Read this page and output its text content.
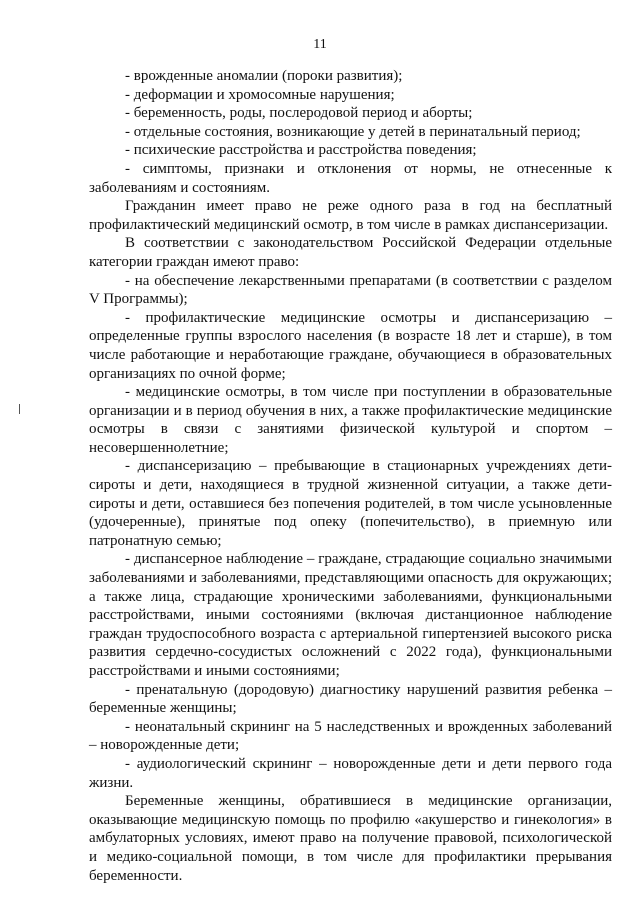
11

- врожденные аномалии (пороки развития);

- деформации и хромосомные нарушения;

- беременность, роды, послеродовой период и аборты;

- отдельные состояния, возникающие у детей в перинатальный период;

- психические расстройства и расстройства поведения;

- симптомы, признаки и отклонения от нормы, не отнесенные к заболеваниям и состояниям.

Гражданин имеет право не реже одного раза в год на бесплатный профилактический медицинский осмотр, в том числе в рамках диспансеризации.

В соответствии с законодательством Российской Федерации отдельные категории граждан имеют право:

- на обеспечение лекарственными препаратами (в соответствии с разделом V Программы);

- профилактические медицинские осмотры и диспансеризацию – определенные группы взрослого населения (в возрасте 18 лет и старше), в том числе работающие и неработающие граждане, обучающиеся в образовательных организациях по очной форме;

- медицинские осмотры, в том числе при поступлении в образовательные организации и в период обучения в них, а также профилактические медицинские осмотры в связи с занятиями физической культурой и спортом – несовершеннолетние;

- диспансеризацию – пребывающие в стационарных учреждениях дети-сироты и дети, находящиеся в трудной жизненной ситуации, а также дети-сироты и дети, оставшиеся без попечения родителей, в том числе усыновленные (удочеренные), принятые под опеку (попечительство), в приемную или патронатную семью;

- диспансерное наблюдение – граждане, страдающие социально значимыми заболеваниями и заболеваниями, представляющими опасность для окружающих; а также лица, страдающие хроническими заболеваниями, функциональными расстройствами, иными состояниями (включая дистанционное наблюдение граждан трудоспособного возраста с артериальной гипертензией высокого риска развития сердечно-сосудистых осложнений с 2022 года), функциональными расстройствами и иными состояниями;

- пренатальную (дородовую) диагностику нарушений развития ребенка – беременные женщины;

- неонатальный скрининг на 5 наследственных и врожденных заболеваний – новорожденные дети;

- аудиологический скрининг – новорожденные дети и дети первого года жизни.

Беременные женщины, обратившиеся в медицинские организации, оказывающие медицинскую помощь по профилю «акушерство и гинекология» в амбулаторных условиях, имеют право на получение правовой, психологической и медико-социальной помощи, в том числе для профилактики прерывания беременности.
